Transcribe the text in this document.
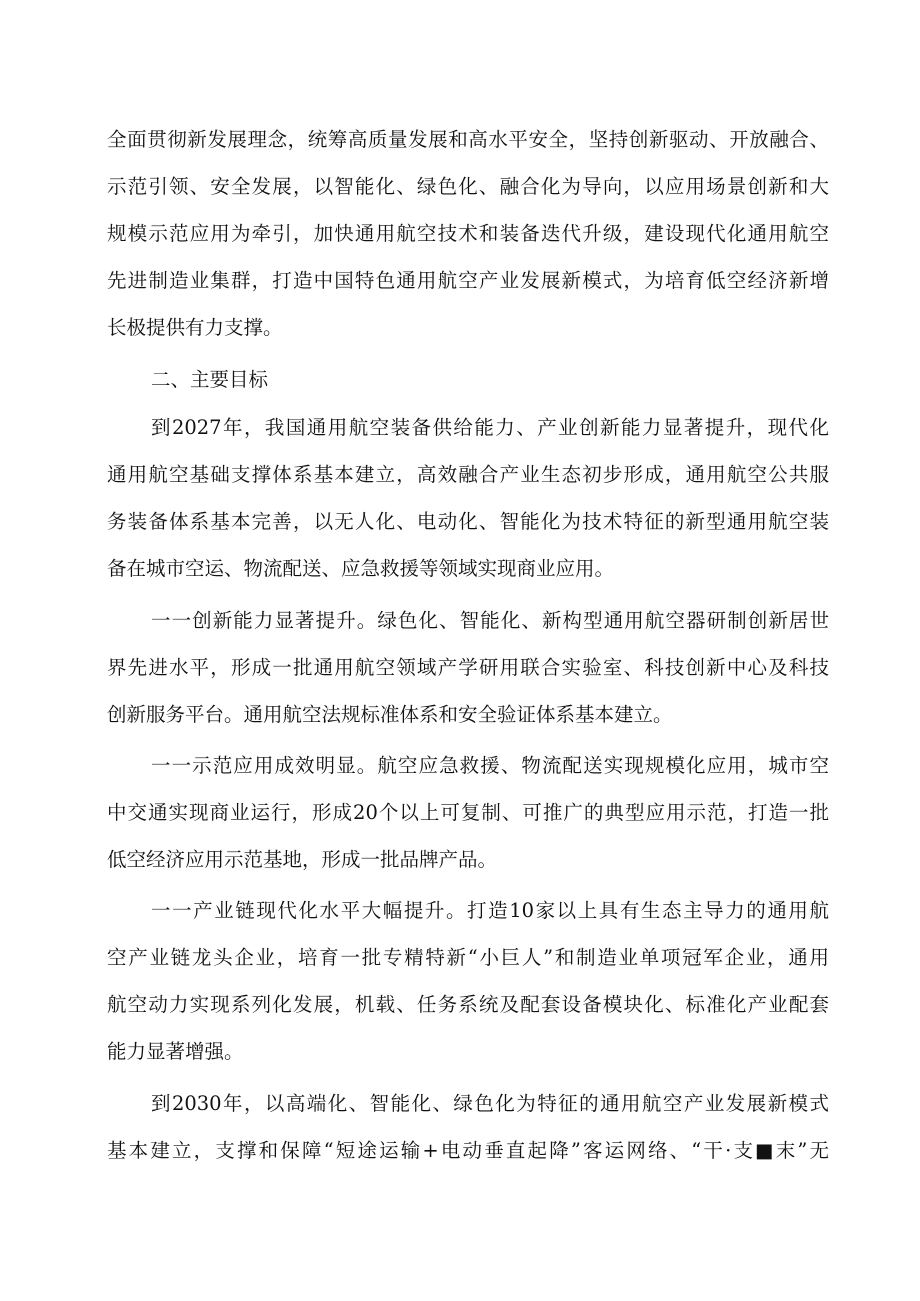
全面贯彻新发展理念，统筹高质量发展和高水平安全，坚持创新驱动、开放融合、
示范引领、安全发展，以智能化、绿色化、融合化为导向，以应用场景创新和大
规模示范应用为牵引，加快通用航空技术和装备迭代升级，建设现代化通用航空
先进制造业集群，打造中国特色通用航空产业发展新模式，为培育低空经济新增
长极提供有力支撑。
二、主要目标
到2027年，我国通用航空装备供给能力、产业创新能力显著提升，现代化
通用航空基础支撑体系基本建立，高效融合产业生态初步形成，通用航空公共服
务装备体系基本完善，以无人化、电动化、智能化为技术特征的新型通用航空装
备在城市空运、物流配送、应急救援等领域实现商业应用。
一一创新能力显著提升。绿色化、智能化、新构型通用航空器研制创新居世
界先进水平，形成一批通用航空领域产学研用联合实验室、科技创新中心及科技
创新服务平台。通用航空法规标准体系和安全验证体系基本建立。
一一示范应用成效明显。航空应急救援、物流配送实现规模化应用，城市空
中交通实现商业运行，形成20个以上可复制、可推广的典型应用示范，打造一批
低空经济应用示范基地，形成一批品牌产品。
一一产业链现代化水平大幅提升。打造10家以上具有生态主导力的通用航
空产业链龙头企业，培育一批专精特新“小巨人”和制造业单项冠军企业，通用
航空动力实现系列化发展，机载、任务系统及配套设备模块化、标准化产业配套
能力显著增强。
到2030年，以高端化、智能化、绿色化为特征的通用航空产业发展新模式
基本建立，支撑和保障“短途运输+电动垂直起降”客运网络、“干·支■末”无
